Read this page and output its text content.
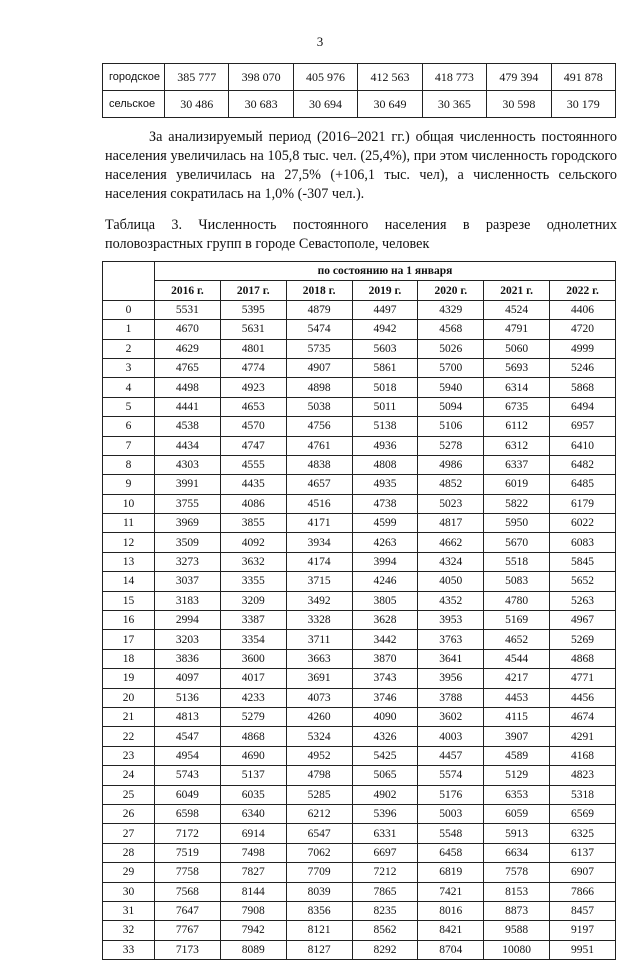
3
городское	385 777	398 070	405 976	412 563	418 773	479 394	491 878
сельское	30 486	30 683	30 694	30 649	30 365	30 598	30 179

За анализируемый период (2016–2021 гг.) общая численность постоянного населения увеличилась на 105,8 тыс. чел. (25,4%), при этом численность городского населения увеличилась на 27,5% (+106,1 тыс. чел), а численность сельского населения сократилась на 1,0% (-307 чел.).

Таблица 3. Численность постоянного населения в разрезе однолетних половозрастных групп в городе Севастополе, человек
	по состоянию на 1 января						
	2016 г.	2017 г.	2018 г.	2019 г.	2020 г.	2021 г.	2022 г.
0	5531	5395	4879	4497	4329	4524	4406
1	4670	5631	5474	4942	4568	4791	4720
2	4629	4801	5735	5603	5026	5060	4999
3	4765	4774	4907	5861	5700	5693	5246
4	4498	4923	4898	5018	5940	6314	5868
5	4441	4653	5038	5011	5094	6735	6494
6	4538	4570	4756	5138	5106	6112	6957
7	4434	4747	4761	4936	5278	6312	6410
8	4303	4555	4838	4808	4986	6337	6482
9	3991	4435	4657	4935	4852	6019	6485
10	3755	4086	4516	4738	5023	5822	6179
11	3969	3855	4171	4599	4817	5950	6022
12	3509	4092	3934	4263	4662	5670	6083
13	3273	3632	4174	3994	4324	5518	5845
14	3037	3355	3715	4246	4050	5083	5652
15	3183	3209	3492	3805	4352	4780	5263
16	2994	3387	3328	3628	3953	5169	4967
17	3203	3354	3711	3442	3763	4652	5269
18	3836	3600	3663	3870	3641	4544	4868
19	4097	4017	3691	3743	3956	4217	4771
20	5136	4233	4073	3746	3788	4453	4456
21	4813	5279	4260	4090	3602	4115	4674
22	4547	4868	5324	4326	4003	3907	4291
23	4954	4690	4952	5425	4457	4589	4168
24	5743	5137	4798	5065	5574	5129	4823
25	6049	6035	5285	4902	5176	6353	5318
26	6598	6340	6212	5396	5003	6059	6569
27	7172	6914	6547	6331	5548	5913	6325
28	7519	7498	7062	6697	6458	6634	6137
29	7758	7827	7709	7212	6819	7578	6907
30	7568	8144	8039	7865	7421	8153	7866
31	7647	7908	8356	8235	8016	8873	8457
32	7767	7942	8121	8562	8421	9588	9197
33	7173	8089	8127	8292	8704	10080	9951
